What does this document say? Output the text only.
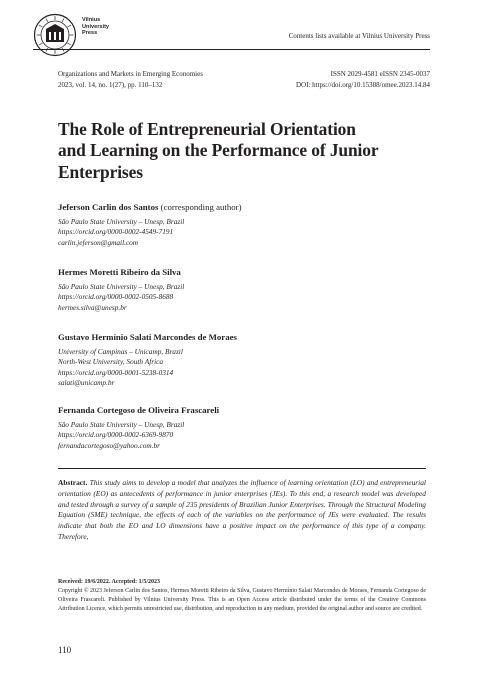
Vilnius
University
Press	Contents lists available at Vilnius University Press
Organizations and Markets in Emerging Economies
2023, vol. 14, no. 1(27), pp. 110–132
ISSN 2029-4581 eISSN 2345-0037
DOI: https://doi.org/10.15388/omee.2023.14.84
The Role of Entrepreneurial Orientation
and Learning on the Performance of Junior
Enterprises
Jeferson Carlin dos Santos (corresponding author)
São Paulo State University – Unesp, Brazil
https://orcid.org/0000-0002-4549-7191
carlin.jeferson@gmail.com
Hermes Moretti Ribeiro da Silva
São Paulo State University – Unesp, Brazil
https://orcid.org/0000-0002-0505-8688
hermes.silva@unesp.br
Gustavo Hermínio Salati Marcondes de Moraes
University of Campinas – Unicamp, Brazil
North-West University, South Africa
https://orcid.org/0000-0001-5238-0314
salati@unicamp.br
Fernanda Cortegoso de Oliveira Frascareli
São Paulo State University – Unesp, Brazil
https://orcid.org/0000-0002-6369-9870
fernandacortegoso@yahoo.com.br
Abstract. This study aims to develop a model that analyzes the influence of learning orientation (LO) and entrepreneurial orientation (EO) as antecedents of performance in junior enterprises (JEs). To this end, a research model was developed and tested through a survey of a sample of 235 presidents of Brazilian Junior Enterprises. Through the Structural Modeling Equation (SME) technique, the effects of each of the variables on the performance of JEs were evaluated. The results indicate that both the EO and LO dimensions have a positive impact on the performance of this type of a company. Therefore,
Received: 19/6/2022. Accepted: 1/5/2023
Copyright © 2023 Jeferson Carlin dos Santos, Hermes Moretti Ribeiro da Silva, Gustavo Hermínio Salati Marcondes de Moraes, Fernanda Cortegoso de Oliveira Frascareli. Published by Vilnius University Press. This is an Open Access article distributed under the terms of the Creative Commons Attribution Licence, which permits unrestricted use, distribution, and reproduction in any medium, provided the original author and source are credited.
110
